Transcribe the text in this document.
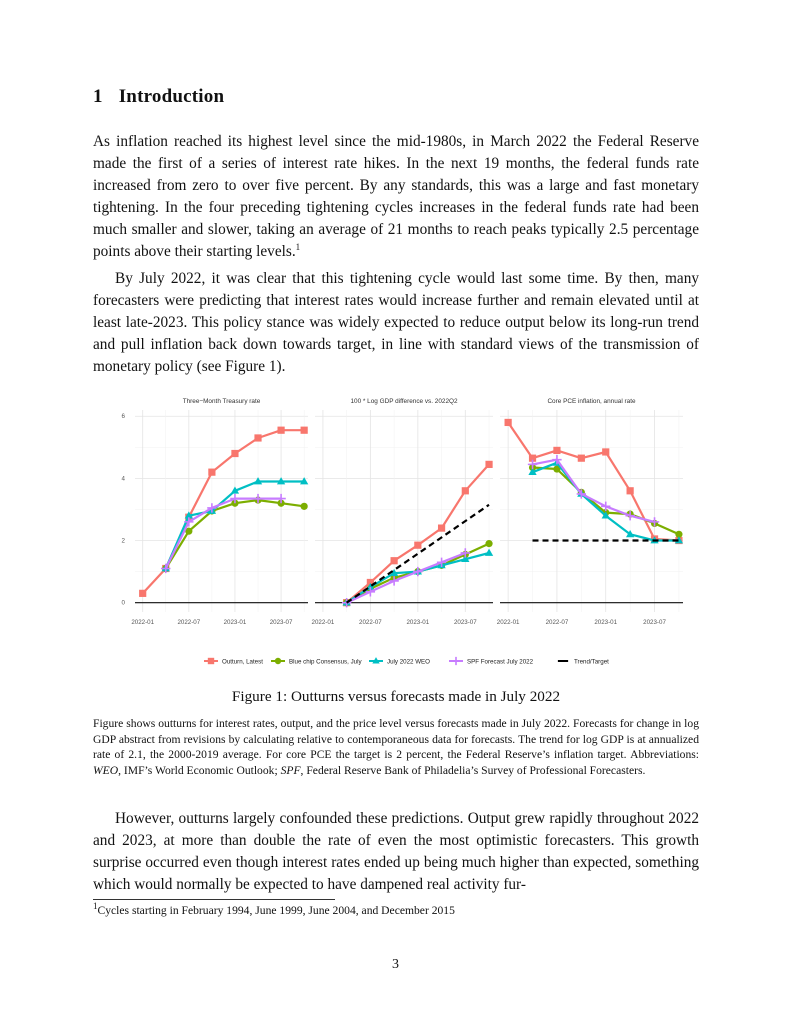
1 Introduction

As inflation reached its highest level since the mid-1980s, in March 2022 the Federal Reserve made the first of a series of interest rate hikes. In the next 19 months, the federal funds rate increased from zero to over five percent. By any standards, this was a large and fast monetary tightening. In the four preceding tightening cycles increases in the federal funds rate had been much smaller and slower, taking an average of 21 months to reach peaks typically 2.5 percentage points above their starting levels.$^1$

By July 2022, it was clear that this tightening cycle would last some time. By then, many forecasters were predicting that interest rates would increase further and remain elevated until at least late-2023. This policy stance was widely expected to reduce output below its long-run trend and pull inflation back down towards target, in line with standard views of the transmission of monetary policy (see Figure 1).

Three−Month Treasury rate
2022-01	2022-07	2023-01	2023-07
0
2
4
6
100 * Log GDP difference vs. 2022Q2
2022-01	2022-07	2023-01	2023-07
Core PCE inflation, annual rate
2022-01	2022-07	2023-01	2023-07
Outturn, Latest	Blue chip Consensus, July	July 2022 WEO	SPF Forecast July 2022	Trend/Target
Figure 1: Outturns versus forecasts made in July 2022

Figure shows outturns for interest rates, output, and the price level versus forecasts made in July 2022. Forecasts for change in log GDP abstract from revisions by calculating relative to contemporaneous data for forecasts. The trend for log GDP is at annualized rate of 2.1, the 2000-2019 average. For core PCE the target is 2 percent, the Federal Reserve’s inflation target. Abbreviations: WEO, IMF’s World Economic Outlook; SPF, Federal Reserve Bank of Philadelia’s Survey of Professional Forecasters.

However, outturns largely confounded these predictions. Output grew rapidly throughout 2022 and 2023, at more than double the rate of even the most optimistic forecasters. This growth surprise occurred even though interest rates ended up being much higher than expected, something which would normally be expected to have dampened real activity fur-

$^1$Cycles starting in February 1994, June 1999, June 2004, and December 2015

3
